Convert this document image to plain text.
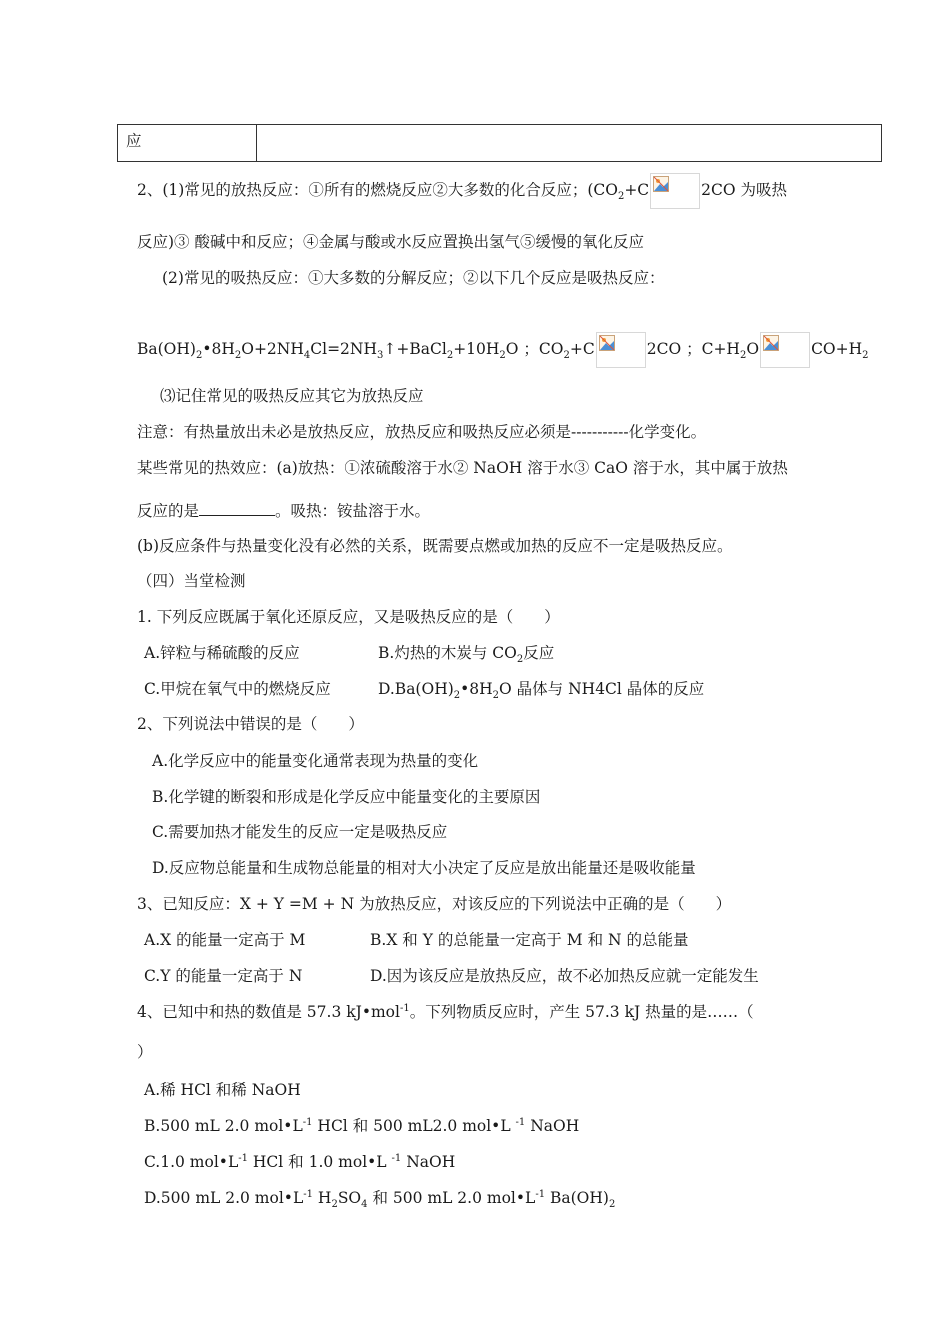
应
2、(1)常见的放热反应：①所有的燃烧反应②大多数的化合反应；($CO_2+C$	2CO 为吸热
反应)③ 酸碱中和反应；④金属与酸或水反应置换出氢气⑤缓慢的氧化反应
(2)常见的吸热反应：①大多数的分解反应；②以下几个反应是吸热反应：
$Ba(OH)_2•8H_2O+2NH_4Cl=2NH_3↑+BaCl_2+10H_2O$ ；$CO_2+C$	2CO ；$C+H_2O$	$CO+H_2$
⑶记住常见的吸热反应其它为放热反应
注意：有热量放出未必是放热反应，放热反应和吸热反应必须是-----------化学变化。
某些常见的热效应：(a)放热：①浓硫酸溶于水② NaOH 溶于水③ CaO 溶于水，其中属于放热
反应的是	。吸热：铵盐溶于水。
(b)反应条件与热量变化没有必然的关系，既需要点燃或加热的反应不一定是吸热反应。
（四）当堂检测
1. 下列反应既属于氧化还原反应，又是吸热反应的是（　　）
A.锌粒与稀硫酸的反应	B.灼热的木炭与 $CO_2$反应
C.甲烷在氧气中的燃烧反应	$D.Ba(OH)_2•8H_2O$ 晶体与 NH4Cl 晶体的反应
2、下列说法中错误的是（　　）
A.化学反应中的能量变化通常表现为热量的变化
B.化学键的断裂和形成是化学反应中能量变化的主要原因
C.需要加热才能发生的反应一定是吸热反应
D.反应物总能量和生成物总能量的相对大小决定了反应是放出能量还是吸收能量
3、已知反应：X + Y =M + N 为放热反应，对该反应的下列说法中正确的是（　　）
A.X 的能量一定高于 M	B.X 和 Y 的总能量一定高于 M 和 N 的总能量
C.Y 的能量一定高于 N	D.因为该反应是放热反应，故不必加热反应就一定能发生
4、已知中和热的数值是 57.3 kJ•mol$^{-1}$。下列物质反应时，产生 57.3 kJ 热量的是……（
）
A.稀 HCl 和稀 NaOH
B.500 mL 2.0 $mol•L^{-1}$ HCl 和 500 mL2.0 mol•L $^{-1}$ NaOH
C.1.0 $mol•L^{-1}$ HCl 和 1.0 mol•L $^{-1}$ NaOH
D.500 mL 2.0 $mol•L^{-1}$ $H_2SO_4$ 和 500 mL 2.0 $mol•L^{-1}$ $Ba(OH)_2$
